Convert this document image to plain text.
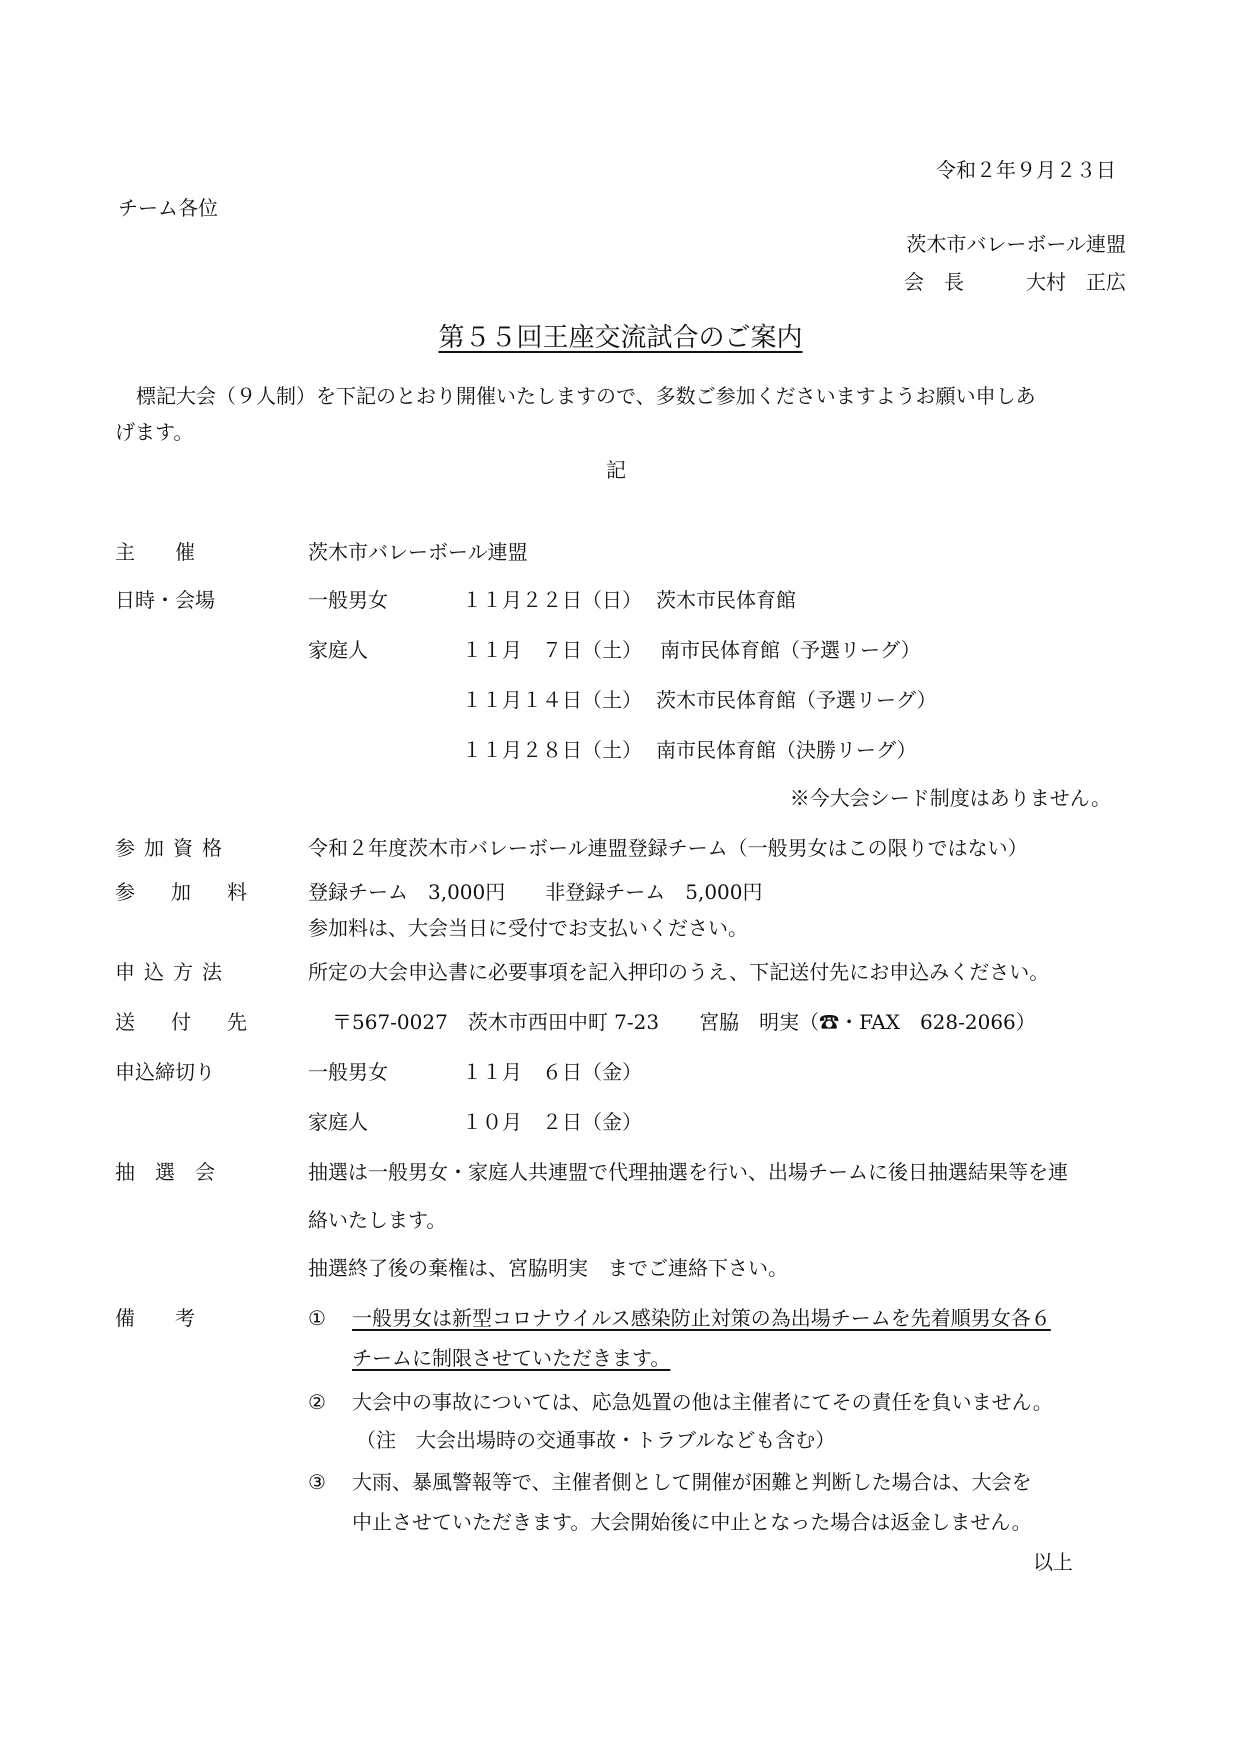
令和２年９月２３日
チーム各位
茨木市バレーボール連盟
会　長	大村　正広
第５５回王座交流試合のご案内
標記大会（９人制）を下記のとおり開催いたしますので、多数ご参加くださいますようお願い申しあ
げます。
記
主　　催	茨木市バレーボール連盟
日時・会場	一般男女	１１月２２日（日） 茨木市民体育館
家庭人	１１月　７日（土） 南市民体育館（予選リーグ）
１１月１４日（土） 茨木市民体育館（予選リーグ）
１１月２８日（土） 南市民体育館（決勝リーグ）
※今大会シード制度はありません。
参加資格	令和２年度茨木市バレーボール連盟登録チーム（一般男女はこの限りではない）
参加料 登録チーム　3,000円　　非登録チーム　5,000円
参加料は、大会当日に受付でお支払いください。
申込方法	所定の大会申込書に必要事項を記入押印のうえ、下記送付先にお申込みください。
送付先 〒567-0027　茨木市西田中町 7-23　　宮脇　明実（☎・FAX　628-2066）
申込締切り	一般男女	１１月　６日（金）
家庭人	１０月　２日（金）
抽　選　会	抽選は一般男女・家庭人共連盟で代理抽選を行い、出場チームに後日抽選結果等を連
絡いたします。
抽選終了後の棄権は、宮脇明実　までご連絡下さい。
備　　考	① 一般男女は新型コロナウイルス感染防止対策の為出場チームを先着順男女各６
チームに制限させていただきます。
② 大会中の事故については、応急処置の他は主催者にてその責任を負いません。
（注　大会出場時の交通事故・トラブルなども含む）
③ 大雨、暴風警報等で、主催者側として開催が困難と判断した場合は、大会を
中止させていただきます。大会開始後に中止となった場合は返金しません。
以上
